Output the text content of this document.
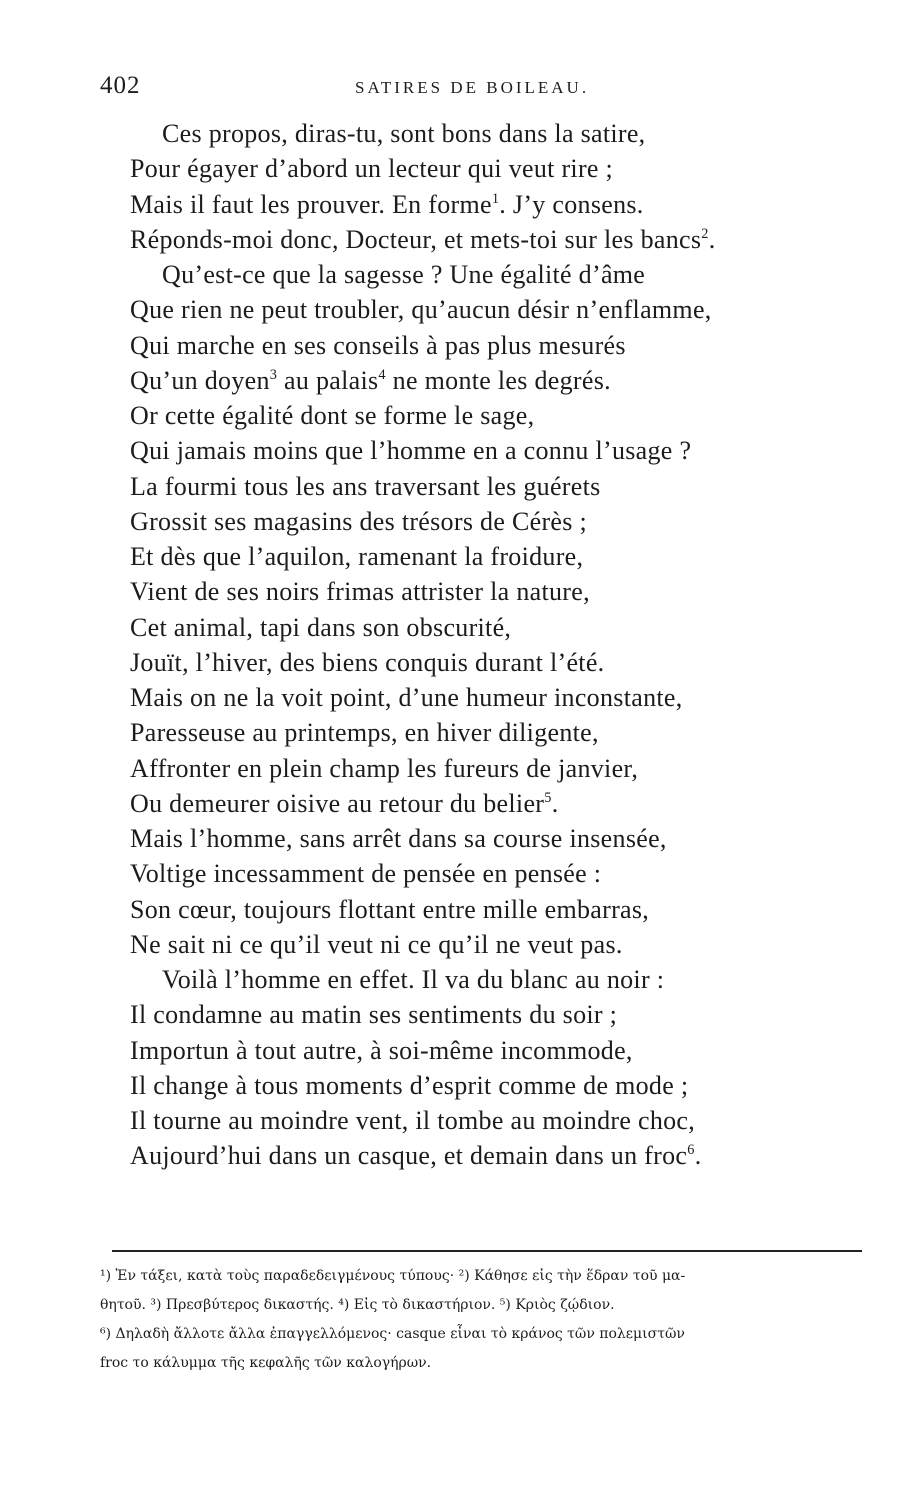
402	SATIRES DE BOILEAU.
Ces propos, diras-tu, sont bons dans la satire,
Pour égayer d’abord un lecteur qui veut rire ;
Mais il faut les prouver. En forme$^1$. J’y consens.
Réponds-moi donc, Docteur, et mets-toi sur les bancs$^2$.
Qu’est-ce que la sagesse ? Une égalité d’âme
Que rien ne peut troubler, qu’aucun désir n’enflamme,
Qui marche en ses conseils à pas plus mesurés
Qu’un doyen$^3$ au palais$^4$ ne monte les degrés.
Or cette égalité dont se forme le sage,
Qui jamais moins que l’homme en a connu l’usage ?
La fourmi tous les ans traversant les guérets
Grossit ses magasins des trésors de Cérès ;
Et dès que l’aquilon, ramenant la froidure,
Vient de ses noirs frimas attrister la nature,
Cet animal, tapi dans son obscurité,
Jouït, l’hiver, des biens conquis durant l’été.
Mais on ne la voit point, d’une humeur inconstante,
Paresseuse au printemps, en hiver diligente,
Affronter en plein champ les fureurs de janvier,
Ou demeurer oisive au retour du belier$^5$.
Mais l’homme, sans arrêt dans sa course insensée,
Voltige incessamment de pensée en pensée :
Son cœur, toujours flottant entre mille embarras,
Ne sait ni ce qu’il veut ni ce qu’il ne veut pas.
Voilà l’homme en effet. Il va du blanc au noir :
Il condamne au matin ses sentiments du soir ;
Importun à tout autre, à soi-même incommode,
Il change à tous moments d’esprit comme de mode ;
Il tourne au moindre vent, il tombe au moindre choc,
Aujourd’hui dans un casque, et demain dans un froc$^6$.
¹) Ἐν τάξει, κατὰ τοὺς παραδεδειγμένους τύπους· ²) Κάθησε εἰς τὴν ἕδραν τοῦ μα-
θητοῦ. ³) Πρεσβύτερος δικαστής. ⁴) Εἰς τὸ δικαστήριον. ⁵) Κριὸς ζῴδιον.
⁶) Δηλαδὴ ἄλλοτε ἄλλα ἐπαγγελλόμενος· casque εἶναι τὸ κράνος τῶν πολεμιστῶν
froc το κάλυμμα τῆς κεφαλῆς τῶν καλογήρων.
